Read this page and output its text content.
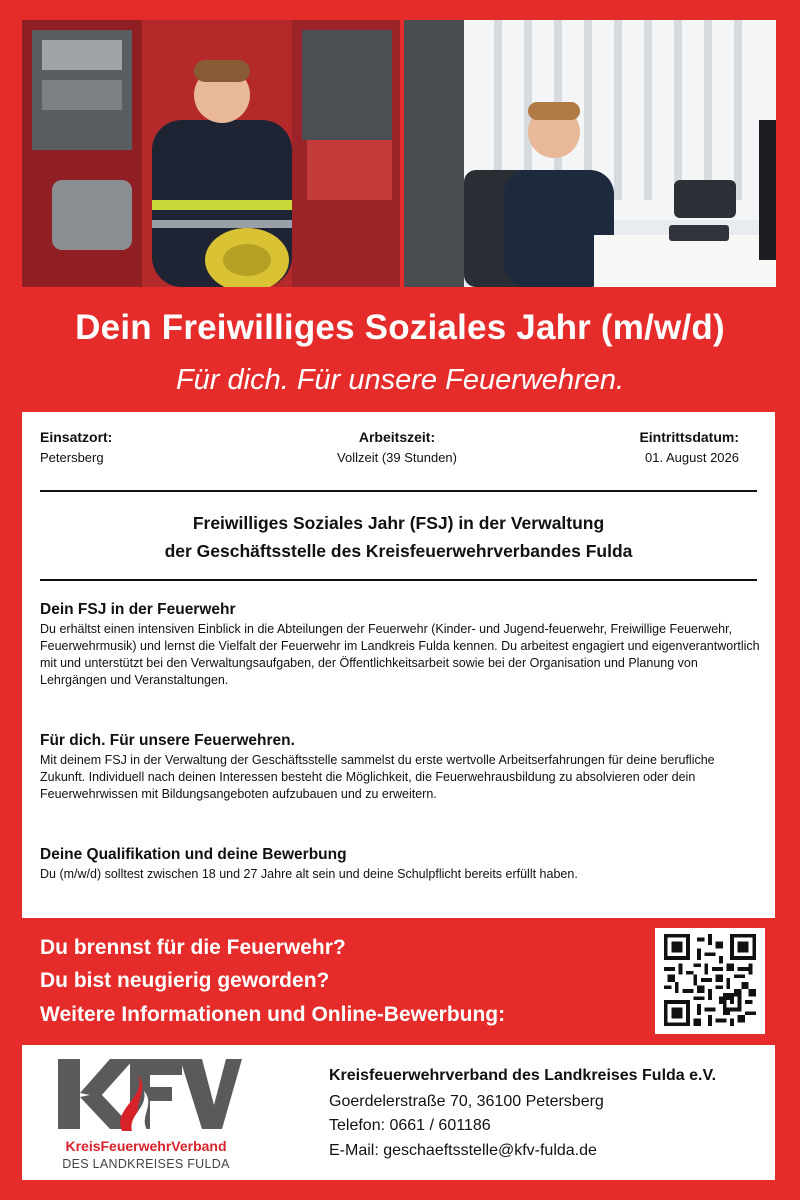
Dein Freiwilliges Soziales Jahr (m/w/d)
Für dich. Für unsere Feuerwehren.
Einsatzort:
Petersberg
Arbeitszeit:
Vollzeit (39 Stunden)
Eintrittsdatum:
01. August 2026
Freiwilliges Soziales Jahr (FSJ) in der Verwaltung
der Geschäftsstelle des Kreisfeuerwehrverbandes Fulda
Dein FSJ in der Feuerwehr
Du erhältst einen intensiven Einblick in die Abteilungen der Feuerwehr (Kinder- und Jugend-feuerwehr, Freiwillige Feuerwehr, Feuerwehrmusik) und lernst die Vielfalt der Feuerwehr im Landkreis Fulda kennen. Du arbeitest engagiert und eigenverantwortlich mit und unterstützt bei den Verwaltungsaufgaben, der Öffentlichkeitsarbeit sowie bei der Organisation und Planung von Lehrgängen und Veranstaltungen.
Für dich. Für unsere Feuerwehren.
Mit deinem FSJ in der Verwaltung der Geschäftsstelle sammelst du erste wertvolle Arbeitserfahrungen für deine berufliche Zukunft. Individuell nach deinen Interessen besteht die Möglichkeit, die Feuerwehrausbildung zu absolvieren oder dein Feuerwehrwissen mit Bildungsangeboten aufzubauen und zu erweitern.
Deine Qualifikation und deine Bewerbung
Du (m/w/d) solltest zwischen 18 und 27 Jahre alt sein und deine Schulpflicht bereits erfüllt haben.
Du brennst für die Feuerwehr?
Du bist neugierig geworden?
Weitere Informationen und Online-Bewerbung:
KreisFeuerwehrVerband
DES LANDKREISES FULDA
Kreisfeuerwehrverband des Landkreises Fulda e.V.
Goerdelerstraße 70, 36100 Petersberg
Telefon: 0661 / 601186
E-Mail: geschaeftsstelle@kfv-fulda.de
